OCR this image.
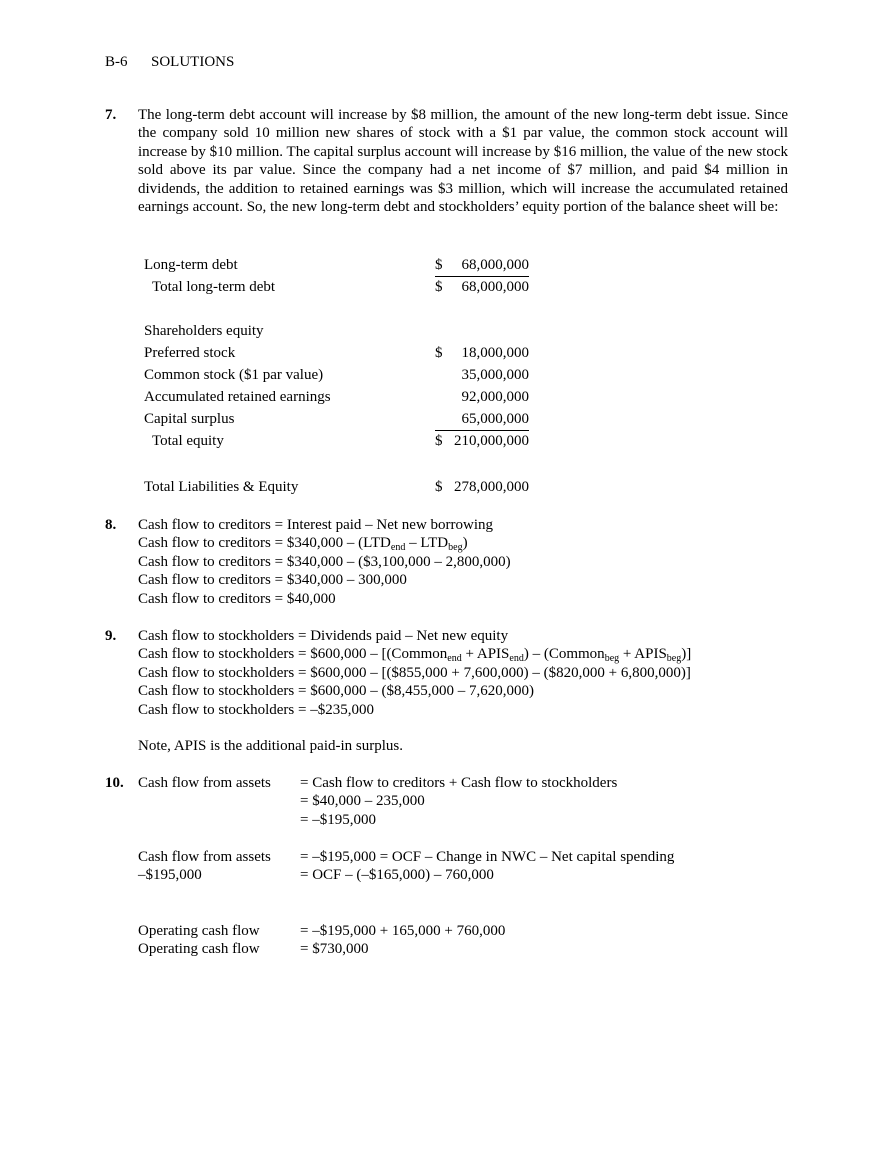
B-6 SOLUTIONS
7. The long-term debt account will increase by $8 million, the amount of the new long-term debt issue. Since the company sold 10 million new shares of stock with a $1 par value, the common stock account will increase by $10 million. The capital surplus account will increase by $16 million, the value of the new stock sold above its par value. Since the company had a net income of $7 million, and paid $4 million in dividends, the addition to retained earnings was $3 million, which will increase the accumulated retained earnings account. So, the new long-term debt and stockholders’ equity portion of the balance sheet will be:
Long-term debt	$ 68,000,000
Total long-term debt	$ 68,000,000
Shareholders equity
Preferred stock	$ 18,000,000
Common stock ($1 par value)	35,000,000
Accumulated retained earnings	92,000,000
Capital surplus	65,000,000
Total equity	$ 210,000,000
Total Liabilities & Equity	$ 278,000,000
8. Cash flow to creditors = Interest paid – Net new borrowing
Cash flow to creditors = $340,000 – $(LTD_{end} - LTD_{beg})$
Cash flow to creditors = $340,000 – ($3,100,000 – 2,800,000)
Cash flow to creditors = $340,000 – 300,000
Cash flow to creditors = $40,000
9. Cash flow to stockholders = Dividends paid – Net new equity
Cash flow to stockholders = $600,000 – [(Common$_{end}$ + $APIS_{end}$) – (Common$_{beg}$ + $APIS_{beg}$)]
Cash flow to stockholders = $600,000 – [($855,000 + 7,600,000) – ($820,000 + 6,800,000)]
Cash flow to stockholders = $600,000 – ($8,455,000 – 7,620,000)
Cash flow to stockholders = –$235,000
Note, APIS is the additional paid-in surplus.
10. Cash flow from assets = Cash flow to creditors + Cash flow to stockholders
= $40,000 – 235,000
= –$195,000
Cash flow from assets = –$195,000 = OCF – Change in NWC – Net capital spending
–$195,000	= OCF – (–$165,000) – 760,000
Operating cash flow	= –$195,000 + 165,000 + 760,000
Operating cash flow	= $730,000
